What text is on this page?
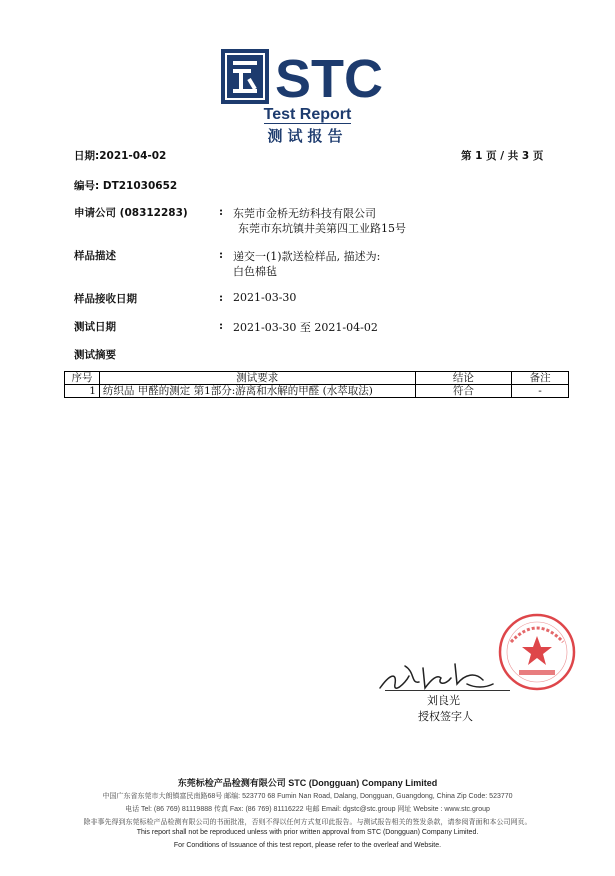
STC
Test Report
测试报告
日期:2021-04-02	第 1 页 / 共 3 页
编号: DT21030652
申请公司 (08312283)	: 东莞市金桥无纺科技有限公司
东莞市东坑镇井美第四工业路15号
样品描述	: 递交一(1)款送检样品, 描述为:
白色棉毡
样品接收日期	: 2021-03-30
测试日期	: 2021-03-30 至 2021-04-02
测试摘要
序号	测试要求	结论	备注
1	纺织品 甲醛的测定 第1部分:游离和水解的甲醛 (水萃取法)	符合	-
刘良光
授权签字人
东莞标检产品检测有限公司 STC (Dongguan) Company Limited
中国广东省东莞市大朗镇富民南路68号 邮编: 523770 68 Fumin Nan Road, Dalang, Dongguan, Guangdong, China Zip Code: 523770
电话 Tel: (86 769) 81119888 传真 Fax: (86 769) 81116222 电邮 Email: dgstc@stc.group 网址 Website : www.stc.group
除非事先得到东莞标检产品检测有限公司的书面批准，否则不得以任何方式复印此报告。与测试报告相关的签发条款，请参阅背面和本公司网页。
This report shall not be reproduced unless with prior written approval from STC (Dongguan) Company Limited.
For Conditions of Issuance of this test report, please refer to the overleaf and Website.
